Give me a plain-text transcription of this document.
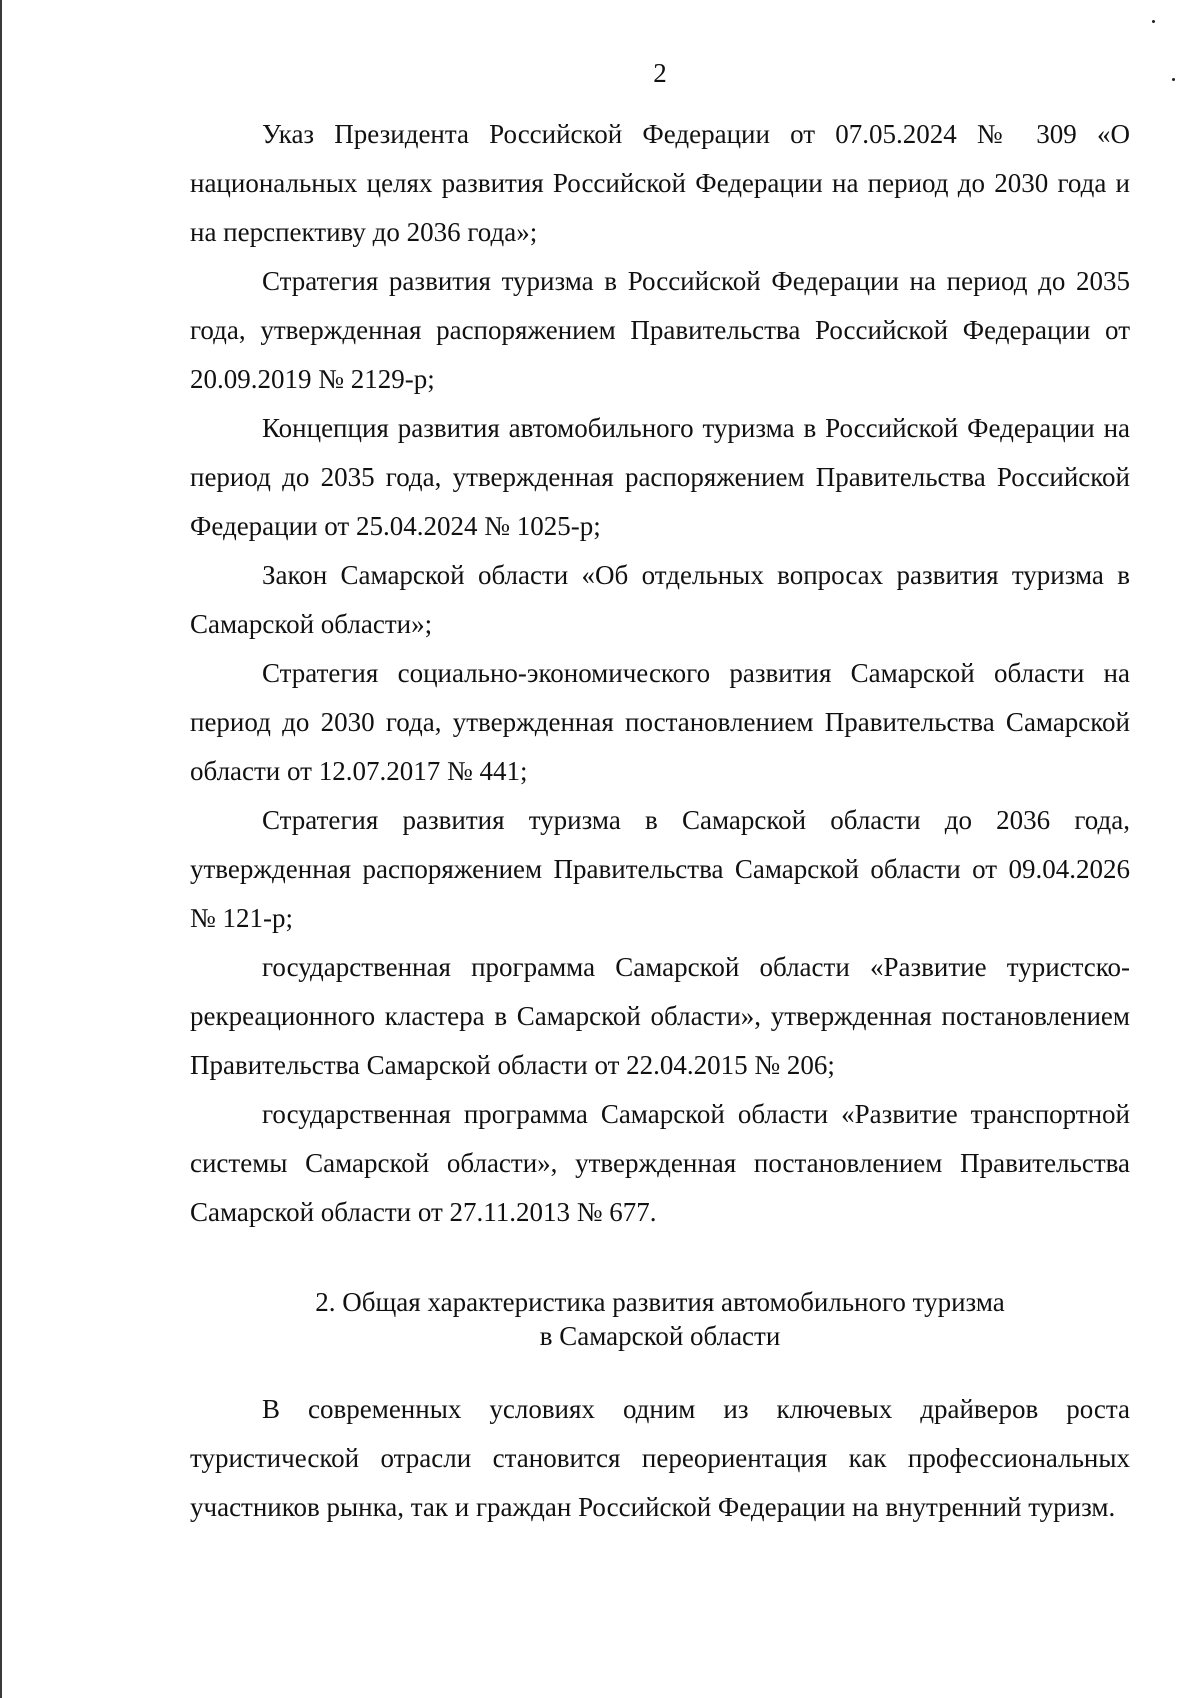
2

Указ Президента Российской Федерации от 07.05.2024 № 309 «О национальных целях развития Российской Федерации на период до 2030 года и на перспективу до 2036 года»;

Стратегия развития туризма в Российской Федерации на период до 2035 года, утвержденная распоряжением Правительства Российской Федерации от 20.09.2019 № 2129-р;

Концепция развития автомобильного туризма в Российской Федерации на период до 2035 года, утвержденная распоряжением Правительства Российской Федерации от 25.04.2024 № 1025-р;

Закон Самарской области «Об отдельных вопросах развития туризма в Самарской области»;

Стратегия социально-экономического развития Самарской области на период до 2030 года, утвержденная постановлением Правительства Самарской области от 12.07.2017 № 441;

Стратегия развития туризма в Самарской области до 2036 года, утвержденная распоряжением Правительства Самарской области от 09.04.2026 № 121-р;

государственная программа Самарской области «Развитие туристско-рекреационного кластера в Самарской области», утвержденная постановлением Правительства Самарской области от 22.04.2015 № 206;

государственная программа Самарской области «Развитие транспортной системы Самарской области», утвержденная постановлением Правительства Самарской области от 27.11.2013 № 677.

2. Общая характеристика развития автомобильного туризма
в Самарской области

В современных условиях одним из ключевых драйверов роста туристической отрасли становится переориентация как профессиональных участников рынка, так и граждан Российской Федерации на внутренний туризм.
